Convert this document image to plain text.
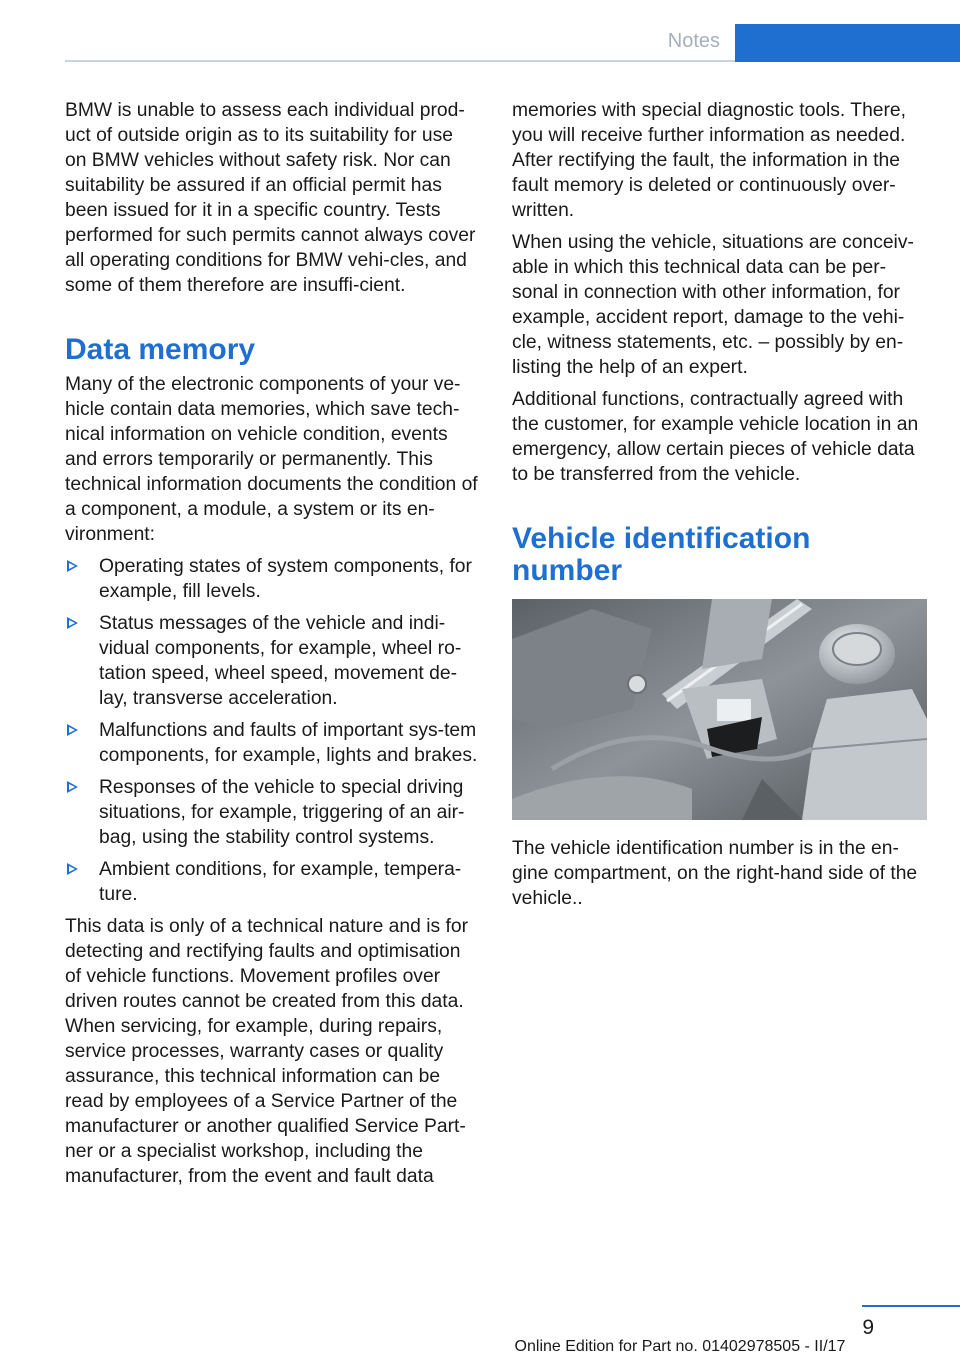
Notes

BMW is unable to assess each individual prod-uct of outside origin as to its suitability for use on BMW vehicles without safety risk. Nor can suitability be assured if an official permit has been issued for it in a specific country. Tests performed for such permits cannot always cover all operating conditions for BMW vehi-cles, and some of them therefore are insuffi-cient.

Data memory

Many of the electronic components of your ve-hicle contain data memories, which save tech-nical information on vehicle condition, events and errors temporarily or permanently. This technical information documents the condition of a component, a module, a system or its en-vironment:

Operating states of system components, for example, fill levels.
Status messages of the vehicle and indi-vidual components, for example, wheel ro-tation speed, wheel speed, movement de-lay, transverse acceleration.
Malfunctions and faults of important sys-tem components, for example, lights and brakes.
Responses of the vehicle to special driving situations, for example, triggering of an air-bag, using the stability control systems.
Ambient conditions, for example, tempera-ture.

This data is only of a technical nature and is for detecting and rectifying faults and optimisation of vehicle functions. Movement profiles over driven routes cannot be created from this data. When servicing, for example, during repairs, service processes, warranty cases or quality assurance, this technical information can be read by employees of a Service Partner of the manufacturer or another qualified Service Part-ner or a specialist workshop, including the manufacturer, from the event and fault data

memories with special diagnostic tools. There, you will receive further information as needed. After rectifying the fault, the information in the fault memory is deleted or continuously over-written.

When using the vehicle, situations are conceiv-able in which this technical data can be per-sonal in connection with other information, for example, accident report, damage to the vehi-cle, witness statements, etc. – possibly by en-listing the help of an expert.

Additional functions, contractually agreed with the customer, for example vehicle location in an emergency, allow certain pieces of vehicle data to be transferred from the vehicle.

Vehicle identification number

The vehicle identification number is in the en-gine compartment, on the right-hand side of the vehicle..

9
Online Edition for Part no. 01402978505 - II/17
